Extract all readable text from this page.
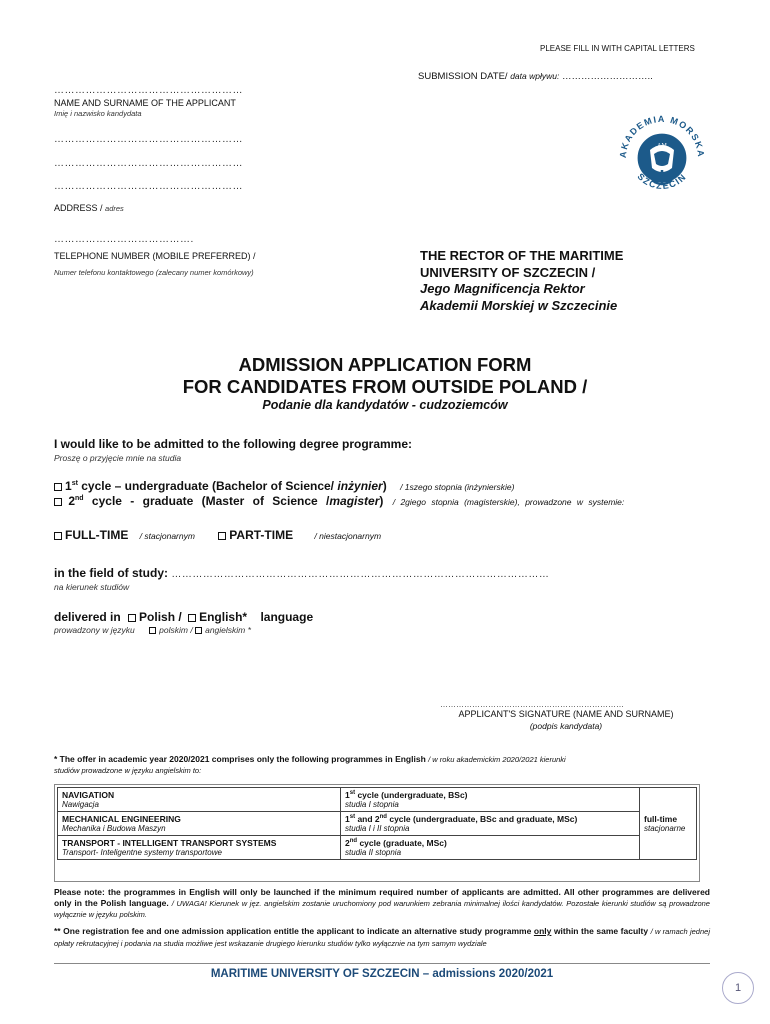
PLEASE FILL IN WITH CAPITAL LETTERS
SUBMISSION DATE/ data wpływu: ………………………..
………………………………………………
NAME AND SURNAME OF THE APPLICANT
Imię i nazwisko kandydata
………………………………………………
………………………………………………
………………………………………………
ADDRESS / adres
………………………………….
TELEPHONE NUMBER (MOBILE PREFERRED) /
Numer telefonu kontaktowego (zalecany numer komórkowy)
AM
AKADEMIA MORSKA
SZCZECIN
THE RECTOR OF THE MARITIME
UNIVERSITY OF SZCZECIN /
Jego Magnificencja Rektor
Akademii Morskiej w Szczecinie
ADMISSION APPLICATION FORM
FOR CANDIDATES FROM OUTSIDE POLAND /
Podanie dla kandydatów - cudzoziemców
I would like to be admitted to the following degree programme:
Proszę o przyjęcie mnie na studia
1st cycle – undergraduate (Bachelor of Science/ inżynier) / 1szego stopnia (inżynierskie)
2nd cycle - graduate (Master of Science /magister) / 2giego stopnia (magisterskie), prowadzone w systemie:
FULL-TIME / stacjonarnym	PART-TIME	/ niestacjonarnym
in the field of study: ………………………………………………………………………………………………
na kierunek studiów
delivered in Polish / English* language
prowadzony w języku	polskim / angielskim *
……………………………………………………………
APPLICANT'S SIGNATURE (NAME AND SURNAME)
(podpis kandydata)
* The offer in academic year 2020/2021 comprises only the following programmes in English / w roku akademickim 2020/2021 kierunki
studiów prowadzone w języku angielskim to:
NAVIGATION
Nawigacja	1st cycle (undergraduate, BSc)
studia I stopnia	full-time
stacjonarne

MECHANICAL ENGINEERING
Mechanika i Budowa Maszyn	1st and 2nd cycle (undergraduate, BSc and graduate, MSc)
studia I i II stopnia	

TRANSPORT - INTELLIGENT TRANSPORT SYSTEMS
Transport- Inteligentne systemy transportowe	2nd cycle (graduate, MSc)
studia II stopnia	
Please note: the programmes in English will only be launched if the minimum required number of applicants are admitted. All other programmes are delivered only in the Polish language. / UWAGA! Kierunek w jęz. angielskim zostanie uruchomiony pod warunkiem zebrania minimalnej ilości kandydatów. Pozostałe kierunki studiów są prowadzone wyłącznie w języku polskim.
** One registration fee and one admission application entitle the applicant to indicate an alternative study programme only within the same faculty / w ramach jednej opłaty rekrutacyjnej i podania na studia możliwe jest wskazanie drugiego kierunku studiów tylko wyłącznie na tym samym wydziale
MARITIME UNIVERSITY OF SZCZECIN – admissions 2020/2021
1
